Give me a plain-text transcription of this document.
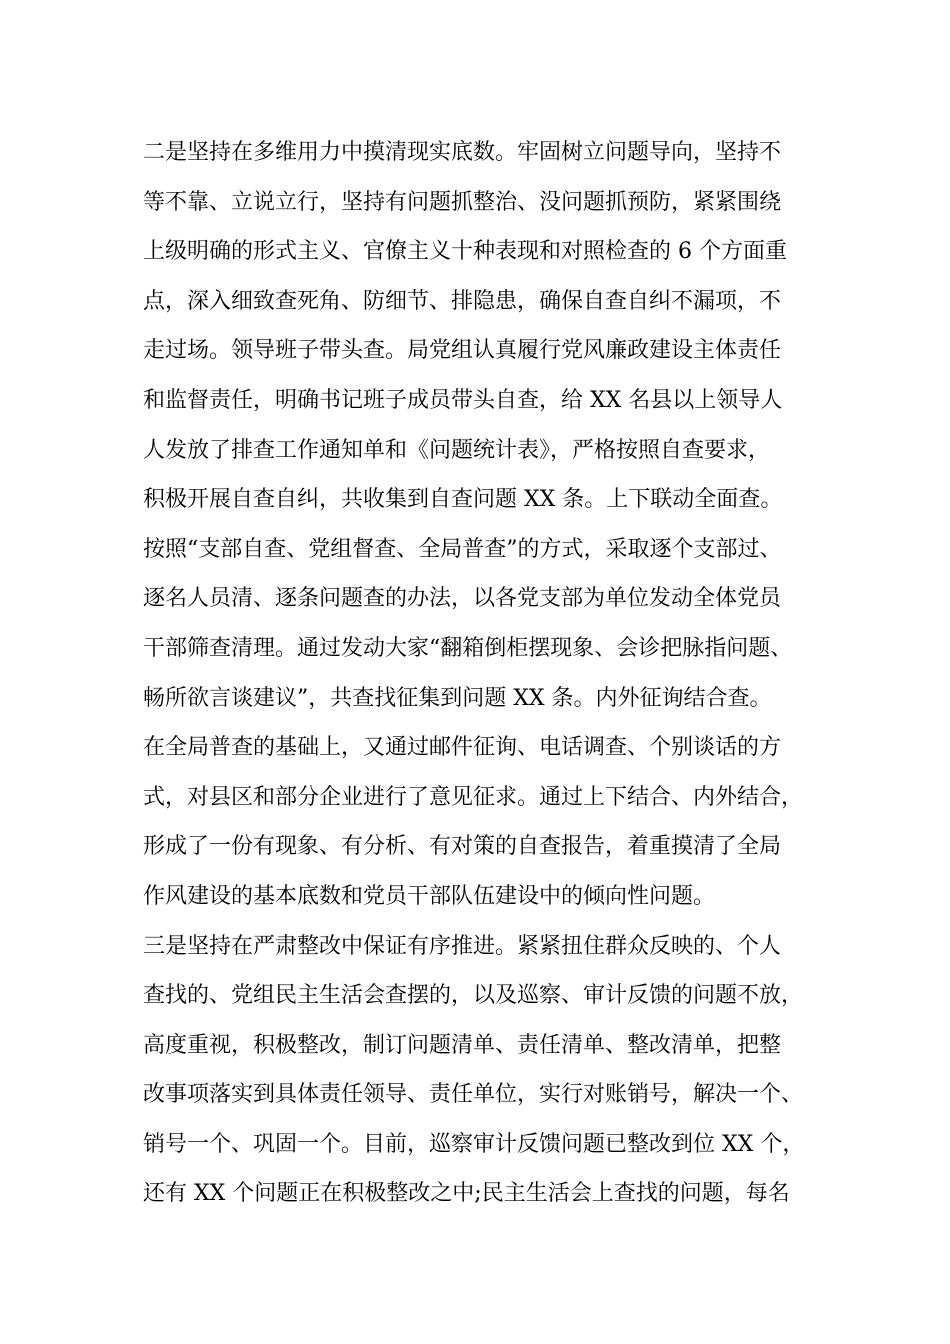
二是坚持在多维用力中摸清现实底数。牢固树立问题导向，坚持不
等不靠、立说立行，坚持有问题抓整治、没问题抓预防，紧紧围绕
上级明确的形式主义、官僚主义十种表现和对照检查的 6 个方面重
点，深入细致查死角、防细节、排隐患，确保自查自纠不漏项，不
走过场。领导班子带头查。局党组认真履行党风廉政建设主体责任
和监督责任，明确书记班子成员带头自查，给 XX 名县以上领导人
人发放了排查工作通知单和《问题统计表》，严格按照自查要求，
积极开展自查自纠，共收集到自查问题 XX 条。上下联动全面查。
按照“支部自查、党组督查、全局普查”的方式，采取逐个支部过、
逐名人员清、逐条问题查的办法，以各党支部为单位发动全体党员
干部筛查清理。通过发动大家“翻箱倒柜摆现象、会诊把脉指问题、
畅所欲言谈建议”，共查找征集到问题 XX 条。内外征询结合查。
在全局普查的基础上，又通过邮件征询、电话调查、个别谈话的方
式，对县区和部分企业进行了意见征求。通过上下结合、内外结合，
形成了一份有现象、有分析、有对策的自查报告，着重摸清了全局
作风建设的基本底数和党员干部队伍建设中的倾向性问题。
三是坚持在严肃整改中保证有序推进。紧紧扭住群众反映的、个人
查找的、党组民主生活会查摆的，以及巡察、审计反馈的问题不放，
高度重视，积极整改，制订问题清单、责任清单、整改清单，把整
改事项落实到具体责任领导、责任单位，实行对账销号，解决一个、
销号一个、巩固一个。目前，巡察审计反馈问题已整改到位 XX 个，
还有 XX 个问题正在积极整改之中;民主生活会上查找的问题，每名
